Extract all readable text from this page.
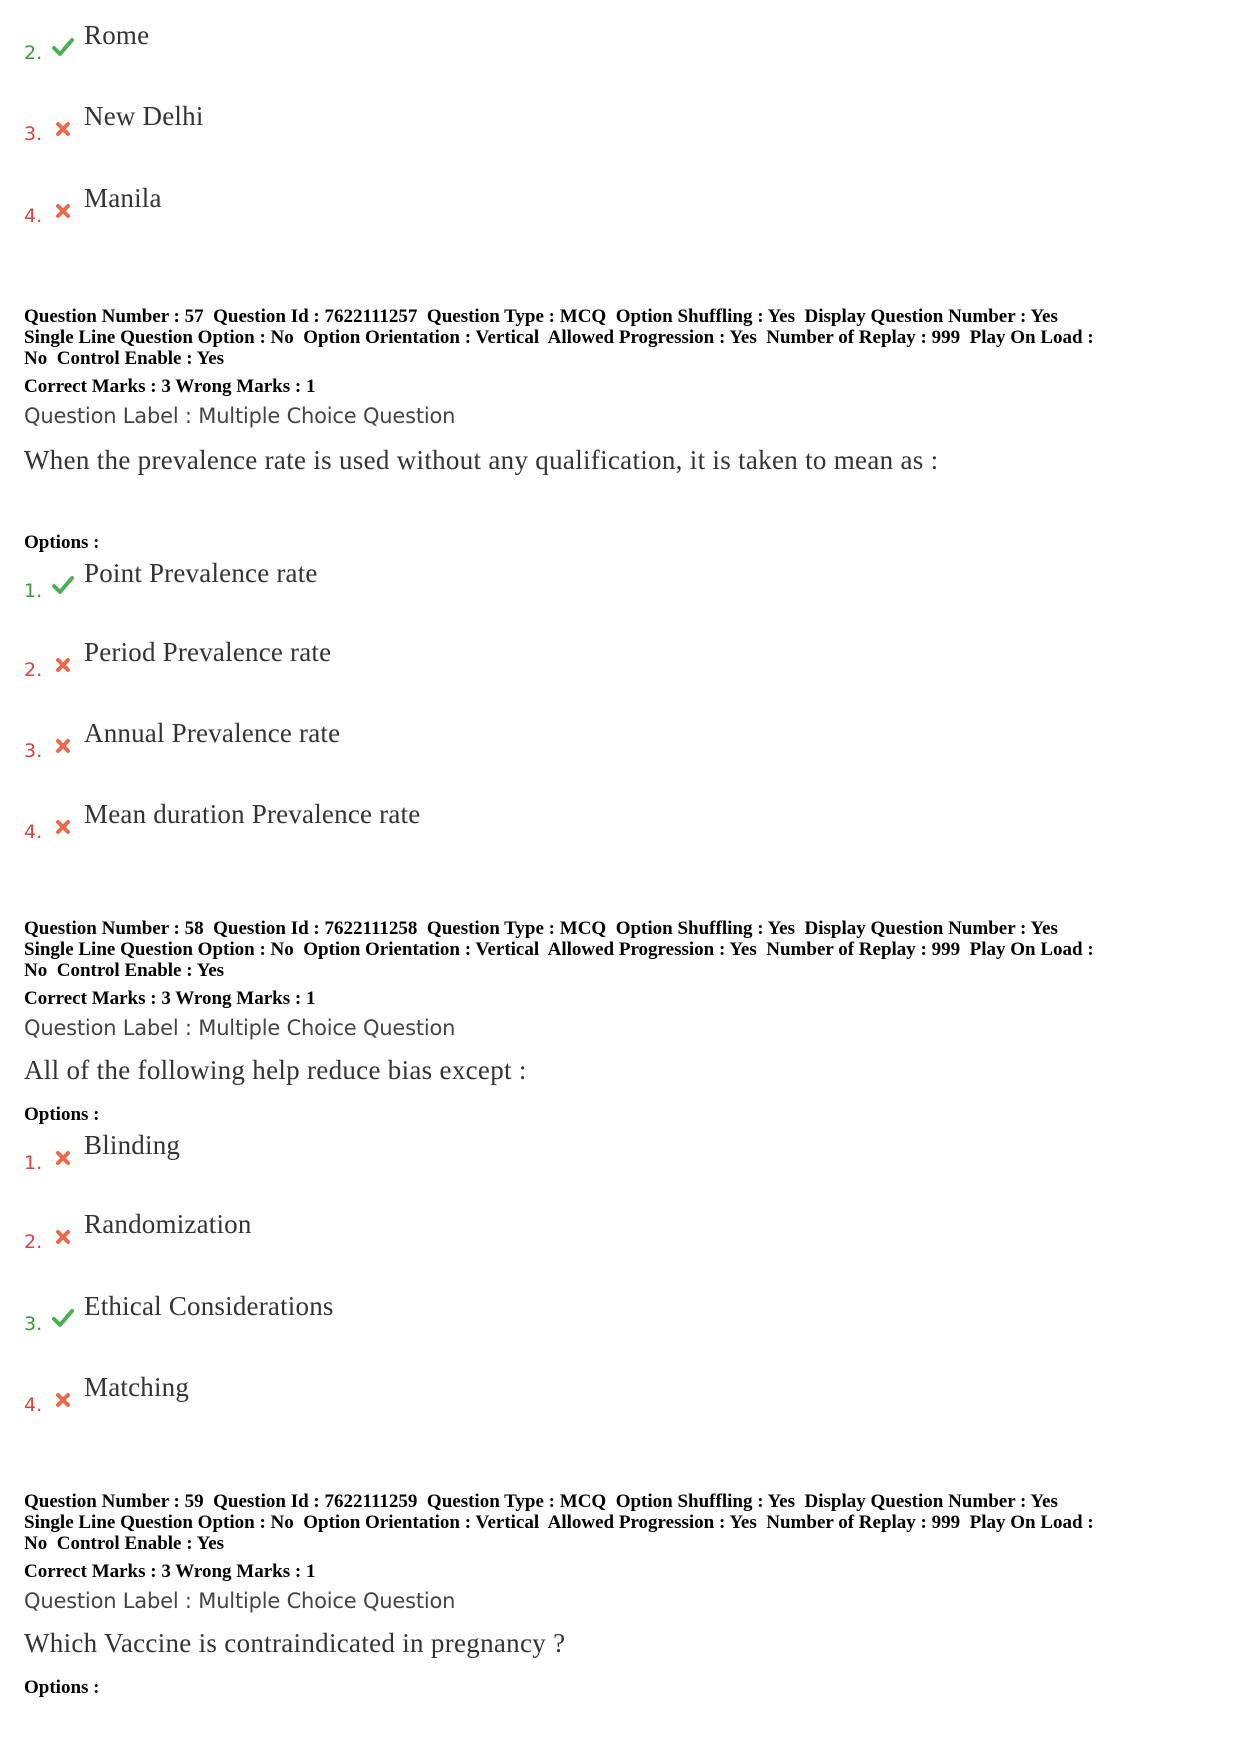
2.
Rome
3.
New Delhi
4.
Manila
Question Number : 57  Question Id : 7622111257  Question Type : MCQ  Option Shuffling : Yes  Display Question Number : Yes
Single Line Question Option : No  Option Orientation : Vertical  Allowed Progression : Yes  Number of Replay : 999  Play On Load :
No  Control Enable : Yes
Correct Marks : 3 Wrong Marks : 1
Question Label : Multiple Choice Question
When the prevalence rate is used without any qualification, it is taken to mean as :
Options :
1.
Point Prevalence rate
2.
Period Prevalence rate
3.
Annual Prevalence rate
4.
Mean duration Prevalence rate
Question Number : 58  Question Id : 7622111258  Question Type : MCQ  Option Shuffling : Yes  Display Question Number : Yes
Single Line Question Option : No  Option Orientation : Vertical  Allowed Progression : Yes  Number of Replay : 999  Play On Load :
No  Control Enable : Yes
Correct Marks : 3 Wrong Marks : 1
Question Label : Multiple Choice Question
All of the following help reduce bias except :
Options :
1.
Blinding
2.
Randomization
3.
Ethical Considerations
4.
Matching
Question Number : 59  Question Id : 7622111259  Question Type : MCQ  Option Shuffling : Yes  Display Question Number : Yes
Single Line Question Option : No  Option Orientation : Vertical  Allowed Progression : Yes  Number of Replay : 999  Play On Load :
No  Control Enable : Yes
Correct Marks : 3 Wrong Marks : 1
Question Label : Multiple Choice Question
Which Vaccine is contraindicated in pregnancy ?
Options :
